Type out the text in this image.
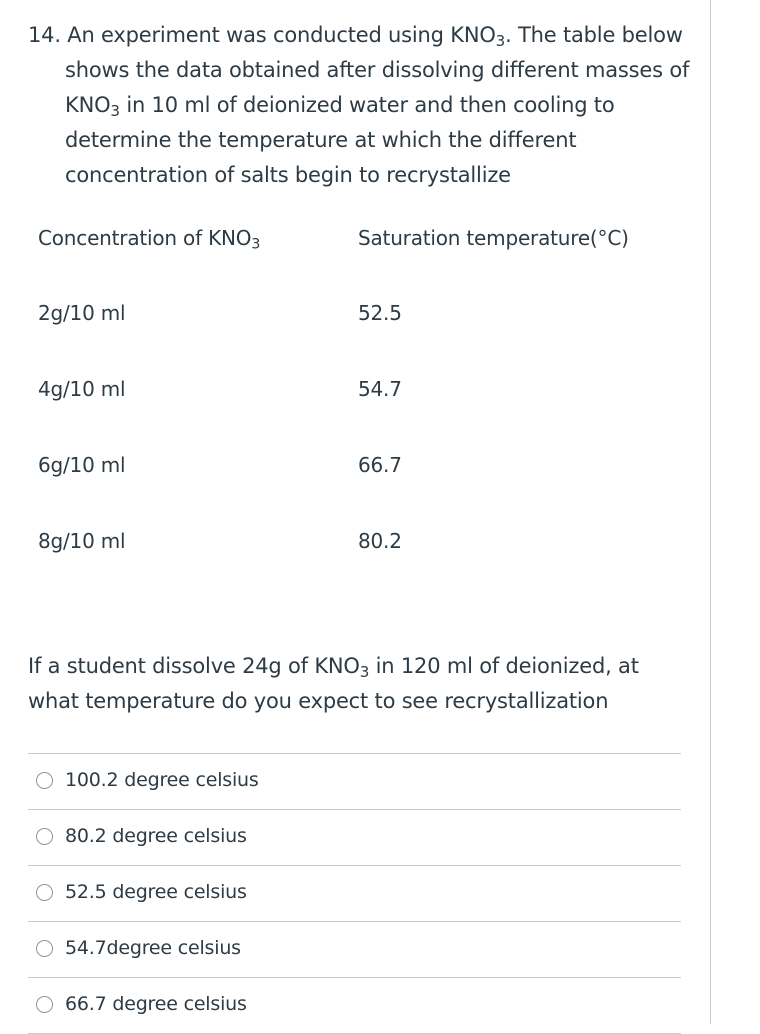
14. An experiment was conducted using $KNO_3$. The table below
shows the data obtained after dissolving different masses of
$KNO_3$ in 10 ml of deionized water and then cooling to
determine the temperature at which the different
concentration of salts begin to recrystallize
Concentration of $KNO_3$	Saturation temperature(°C)
2g/10 ml	52.5
4g/10 ml	54.7
6g/10 ml	66.7
8g/10 ml	80.2
If a student dissolve 24g of $KNO_3$ in 120 ml of deionized, at
what temperature do you expect to see recrystallization
100.2 degree celsius
80.2 degree celsius
52.5 degree celsius
54.7degree celsius
66.7 degree celsius
